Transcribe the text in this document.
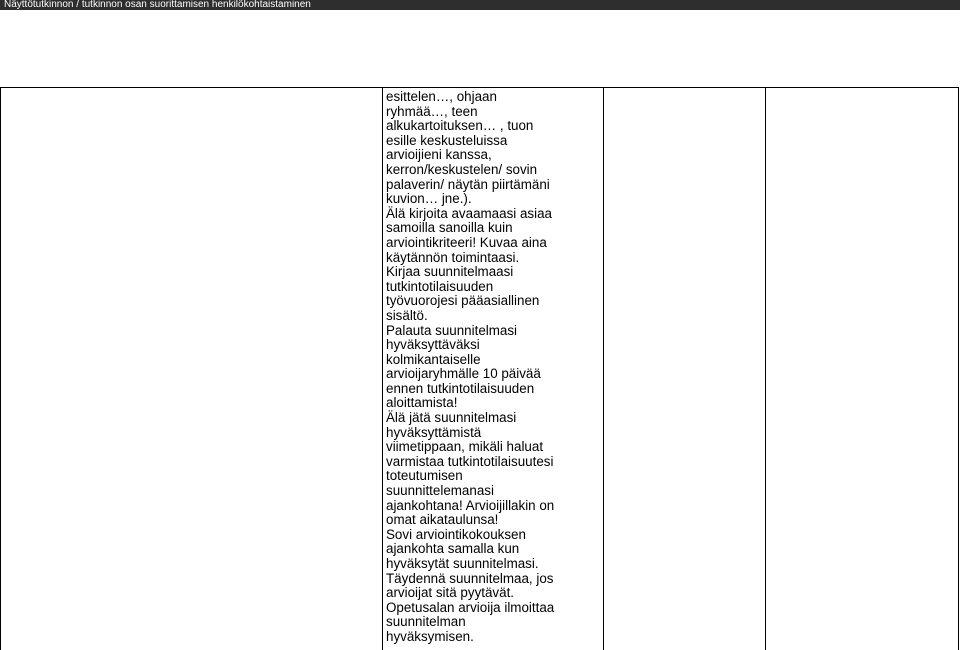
Näyttötutkinnon / tutkinnon osan suorittamisen henkilökohtaistaminen
esittelen…, ohjaan
ryhmää…, teen
alkukartoituksen… , tuon
esille keskusteluissa
arvioijieni kanssa,
kerron/keskustelen/ sovin
palaverin/ näytän piirtämäni
kuvion… jne.).
Älä kirjoita avaamaasi asiaa
samoilla sanoilla kuin
arviointikriteeri! Kuvaa aina
käytännön toimintaasi.
Kirjaa suunnitelmaasi
tutkintotilaisuuden
työvuorojesi pääasiallinen
sisältö.
Palauta suunnitelmasi
hyväksyttäväksi
kolmikantaiselle
arvioijaryhmälle 10 päivää
ennen tutkintotilaisuuden
aloittamista!
Älä jätä suunnitelmasi
hyväksyttämistä
viimetippaan, mikäli haluat
varmistaa tutkintotilaisuutesi
toteutumisen
suunnittelemanasi
ajankohtana! Arvioijillakin on
omat aikataulunsa!
Sovi arviointikokouksen
ajankohta samalla kun
hyväksytät suunnitelmasi.
Täydennä suunnitelmaa, jos
arvioijat sitä pyytävät.
Opetusalan arvioija ilmoittaa
suunnitelman
hyväksymisen.
